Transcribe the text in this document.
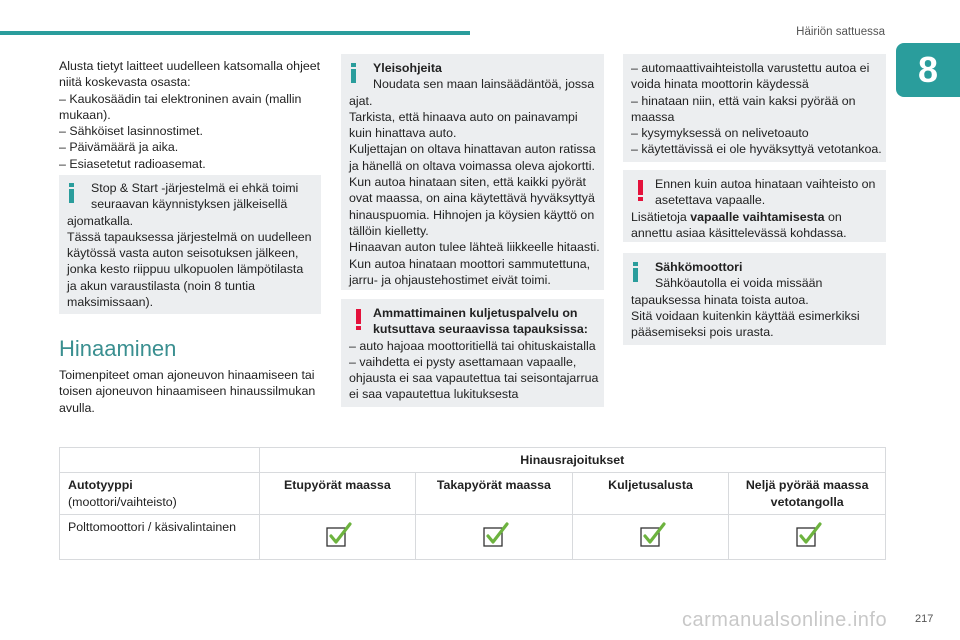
Häiriön sattuessa
8
Alusta tietyt laitteet uudelleen katsomalla ohjeet
niitä koskevasta osasta:
– Kaukosäädin tai elektroninen avain (mallin
mukaan).
– Sähköiset lasinnostimet.
– Päivämäärä ja aika.
– Esiasetetut radioasemat.
Stop & Start -järjestelmä ei ehkä toimi
seuraavan käynnistyksen jälkeisellä
ajomatkalla.
Tässä tapauksessa järjestelmä on uudelleen
käytössä vasta auton seisotuksen jälkeen,
jonka kesto riippuu ulkopuolen lämpötilasta
ja akun varaustilasta (noin 8 tuntia
maksimissaan).
Hinaaminen
Toimenpiteet oman ajoneuvon hinaamiseen tai
toisen ajoneuvon hinaamiseen hinaussilmukan
avulla.
Yleisohjeita
Noudata sen maan lainsäädäntöä, jossa
ajat.
Tarkista, että hinaava auto on painavampi
kuin hinattava auto.
Kuljettajan on oltava hinattavan auton ratissa
ja hänellä on oltava voimassa oleva ajokortti.
Kun autoa hinataan siten, että kaikki pyörät
ovat maassa, on aina käytettävä hyväksyttyä
hinauspuomia. Hihnojen ja köysien käyttö on
tällöin kielletty.
Hinaavan auton tulee lähteä liikkeelle hitaasti.
Kun autoa hinataan moottori sammutettuna,
jarru- ja ohjaustehostimet eivät toimi.
Ammattimainen kuljetuspalvelu on
kutsuttava seuraavissa tapauksissa:
– auto hajoaa moottoritiellä tai ohituskaistalla
– vaihdetta ei pysty asettamaan vapaalle,
ohjausta ei saa vapautettua tai seisontajarrua
ei saa vapautettua lukituksesta
– automaattivaihteistolla varustettu autoa ei
voida hinata moottorin käydessä
– hinataan niin, että vain kaksi pyörää on
maassa
– kysymyksessä on nelivetoauto
– käytettävissä ei ole hyväksyttyä vetotankoa.
Ennen kuin autoa hinataan vaihteisto on
asetettava vapaalle.
Lisätietoja vapaalle vaihtamisesta on
annettu asiaa käsittelevässä kohdassa.
Sähkömoottori
Sähköautolla ei voida missään
tapauksessa hinata toista autoa.
Sitä voidaan kuitenkin käyttää esimerkiksi
pääsemiseksi pois urasta.
	Hinausrajoitukset			
Autotyyppi
(moottori/vaihteisto)	Etupyörät maassa	Takapyörät maassa	Kuljetusalusta	Neljä pyörää maassa vetotangolla
Polttomoottori / käsivalintainen				
carmanualsonline.info	217
